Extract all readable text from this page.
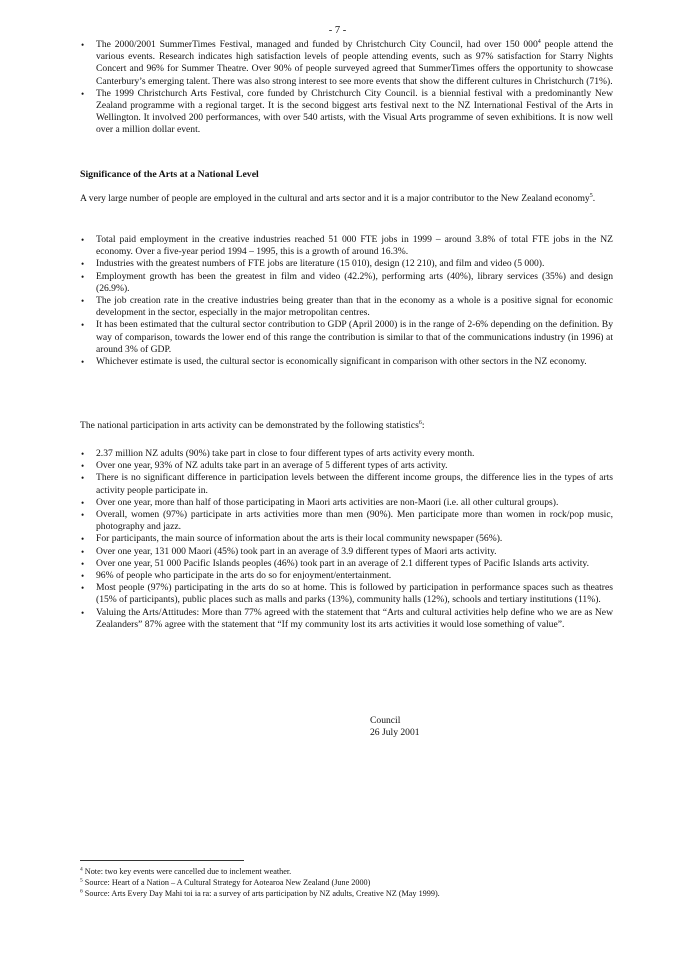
- 7 -
• The 2000/2001 SummerTimes Festival, managed and funded by Christchurch City Council, had over 150 $000^4$ people attend the various events. Research indicates high satisfaction levels of people attending events, such as 97% satisfaction for Starry Nights Concert and 96% for Summer Theatre. Over 90% of people surveyed agreed that SummerTimes offers the opportunity to showcase Canterbury’s emerging talent. There was also strong interest to see more events that show the different cultures in Christchurch (71%).
• The 1999 Christchurch Arts Festival, core funded by Christchurch City Council. is a biennial festival with a predominantly New Zealand programme with a regional target. It is the second biggest arts festival next to the NZ International Festival of the Arts in Wellington. It involved 200 performances, with over 540 artists, with the Visual Arts programme of seven exhibitions. It is now well over a million dollar event.
Significance of the Arts at a National Level
A very large number of people are employed in the cultural and arts sector and it is a major contributor to the New Zealand economy$^5$.
• Total paid employment in the creative industries reached 51 000 FTE jobs in 1999 – around 3.8% of total FTE jobs in the NZ economy. Over a five-year period 1994 – 1995, this is a growth of around 16.3%.
• Industries with the greatest numbers of FTE jobs are literature (15 010), design (12 210), and film and video (5 000).
• Employment growth has been the greatest in film and video (42.2%), performing arts (40%), library services (35%) and design (26.9%).
• The job creation rate in the creative industries being greater than that in the economy as a whole is a positive signal for economic development in the sector, especially in the major metropolitan centres.
• It has been estimated that the cultural sector contribution to GDP (April 2000) is in the range of 2-6% depending on the definition. By way of comparison, towards the lower end of this range the contribution is similar to that of the communications industry (in 1996) at around 3% of GDP.
• Whichever estimate is used, the cultural sector is economically significant in comparison with other sectors in the NZ economy.
The national participation in arts activity can be demonstrated by the following statistics$^6$:
• 2.37 million NZ adults (90%) take part in close to four different types of arts activity every month.
• Over one year, 93% of NZ adults take part in an average of 5 different types of arts activity.
• There is no significant difference in participation levels between the different income groups, the difference lies in the types of arts activity people participate in.
• Over one year, more than half of those participating in Maori arts activities are non-Maori (i.e. all other cultural groups).
• Overall, women (97%) participate in arts activities more than men (90%). Men participate more than women in rock/pop music, photography and jazz.
• For participants, the main source of information about the arts is their local community newspaper (56%).
• Over one year, 131 000 Maori (45%) took part in an average of 3.9 different types of Maori arts activity.
• Over one year, 51 000 Pacific Islands peoples (46%) took part in an average of 2.1 different types of Pacific Islands arts activity.
• 96% of people who participate in the arts do so for enjoyment/entertainment.
• Most people (97%) participating in the arts do so at home. This is followed by participation in performance spaces such as theatres (15% of participants), public places such as malls and parks (13%), community halls (12%), schools and tertiary institutions (11%).
• Valuing the Arts/Attitudes: More than 77% agreed with the statement that “Arts and cultural activities help define who we are as New Zealanders” 87% agree with the statement that “If my community lost its arts activities it would lose something of value”.
Council
26 July 2001
$^4$ Note: two key events were cancelled due to inclement weather.
$^5$ Source: Heart of a Nation – A Cultural Strategy for Aotearoa New Zealand (June 2000)
$^6$ Source: Arts Every Day Mahi toi ia ra: a survey of arts participation by NZ adults, Creative NZ (May 1999).
